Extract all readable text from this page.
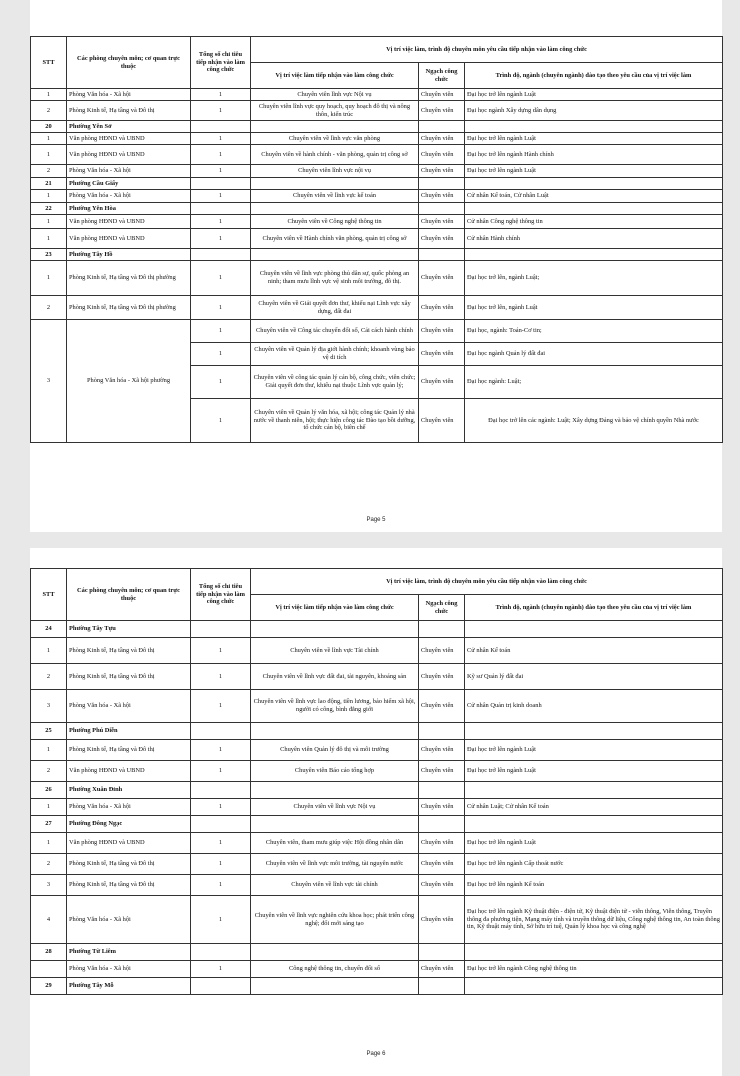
STT	Các phòng chuyên môn; cơ quan trực thuộc	Tổng số chỉ tiêu tiếp nhận vào làm công chức	Vị trí việc làm, trình độ chuyên môn yêu cầu tiếp nhận vào làm công chức		
			Vị trí việc làm tiếp nhận vào làm công chức	Ngạch công chức	Trình độ, ngành (chuyên ngành) đào tạo theo yêu cầu của vị trí việc làm
1	Phòng Văn hóa - Xã hội	1	Chuyên viên lĩnh vực Nội vụ	Chuyên viên	Đại học trở lên ngành Luật
2	Phòng Kinh tế, Hạ tầng và Đô thị	1	Chuyên viên lĩnh vực quy hoạch, quy hoạch đô thị và nông thôn, kiến trúc	Chuyên viên	Đại học ngành Xây dựng dân dụng
20	Phường Yên Sở				
1	Văn phòng HĐND và UBND	1	Chuyên viên về lĩnh vực văn phòng	Chuyên viên	Đại học trở lên ngành Luật
1	Văn phòng HĐND và UBND	1	Chuyên viên về hành chính - văn phòng, quản trị công sở	Chuyên viên	Đại học trở lên ngành Hành chính
2	Phòng Văn hóa - Xã hội	1	Chuyên viên lĩnh vực nội vụ	Chuyên viên	Đại học trở lên ngành Luật
21	Phường Cầu Giấy				
1	Phòng Văn hóa - Xã hội	1	Chuyên viên về lĩnh vực kế toán	Chuyên viên	Cử nhân Kế toán, Cử nhân Luật
22	Phường Yên Hòa				
1	Văn phòng HĐND và UBND	1	Chuyên viên về Công nghệ thông tin	Chuyên viên	Cử nhân Công nghệ thông tin
1	Văn phòng HĐND và UBND	1	Chuyên viên về Hành chính văn phòng, quản trị công sở	Chuyên viên	Cử nhân Hành chính
23	Phường Tây Hồ				
1	Phòng Kinh tế, Hạ tầng và Đô thị phường	1	Chuyên viên về lĩnh vực phòng thủ dân sự, quốc phòng an ninh; tham mưu lĩnh vực vệ sinh môi trường, đô thị.	Chuyên viên	Đại học trở lên, ngành Luật;
2	Phòng Kinh tế, Hạ tầng và Đô thị phường	1	Chuyên viên về Giải quyết đơn thư, khiếu nại Lĩnh vực xây dựng, đất đai	Chuyên viên	Đại học trở lên, ngành Luật
3	Phòng Văn hóa - Xã hội phường	1	Chuyên viên về Công tác chuyển đổi số, Cải cách hành chính	Chuyên viên	Đại học, ngành: Toán-Cơ tin;
		1	Chuyên viên về Quản lý địa giới hành chính; khoanh vùng bảo vệ di tích	Chuyên viên	Đại học ngành Quản lý đất đai
		1	Chuyên viên về công tác quản lý cán bộ, công chức, viên chức; Giải quyết đơn thư, khiếu nại thuộc Lĩnh vực quản lý;	Chuyên viên	Đại học ngành: Luật;
		1	Chuyên viên về Quản lý văn hóa, xã hội; công tác Quản lý nhà nước về thanh niên, hội; thực hiện công tác Đào tạo bồi dưỡng, tổ chức cán bộ, biên chế	Chuyên viên	Đại học trở lên các ngành: Luật; Xây dựng Đảng và bảo vệ chính quyền Nhà nước
Page 5
STT	Các phòng chuyên môn; cơ quan trực thuộc	Tổng số chỉ tiêu tiếp nhận vào làm công chức	Vị trí việc làm, trình độ chuyên môn yêu cầu tiếp nhận vào làm công chức		
			Vị trí việc làm tiếp nhận vào làm công chức	Ngạch công chức	Trình độ, ngành (chuyên ngành) đào tạo theo yêu cầu của vị trí việc làm
24	Phường Tây Tựu				
1	Phòng Kinh tế, Hạ tầng và Đô thị	1	Chuyên viên về lĩnh vực Tài chính	Chuyên viên	Cử nhân Kế toán
2	Phòng Kinh tế, Hạ tầng và Đô thị	1	Chuyên viên về lĩnh vực đất đai, tài nguyên, khoáng sản	Chuyên viên	Kỹ sư Quản lý đất đai
3	Phòng Văn hóa - Xã hội	1	Chuyên viên về lĩnh vực lao động, tiền lương, bảo hiểm xã hội, người có công, bình đẳng giới	Chuyên viên	Cử nhân Quản trị kinh doanh
25	Phường Phú Diễn				
1	Phòng Kinh tế, Hạ tầng và Đô thị	1	Chuyên viên Quản lý đô thị và môi trường	Chuyên viên	Đại học trở lên ngành Luật
2	Văn phòng HĐND và UBND	1	Chuyên viên Báo cáo tổng hợp	Chuyên viên	Đại học trở lên ngành Luật
26	Phường Xuân Đỉnh				
1	Phòng Văn hóa - Xã hội	1	Chuyên viên về lĩnh vực Nội vụ	Chuyên viên	Cử nhân Luật; Cử nhân Kế toán
27	Phường Đông Ngạc				
1	Văn phòng HĐND và UBND	1	Chuyên viên, tham mưu giúp việc Hội đồng nhân dân	Chuyên viên	Đại học trở lên ngành Luật
2	Phòng Kinh tế, Hạ tầng và Đô thị	1	Chuyên viên về lĩnh vực môi trường, tài nguyên nước	Chuyên viên	Đại học trở lên ngành Cấp thoát nước
3	Phòng Kinh tế, Hạ tầng và Đô thị	1	Chuyên viên về lĩnh vực tài chính	Chuyên viên	Đại học trở lên ngành Kế toán
4	Phòng Văn hóa - Xã hội	1	Chuyên viên về lĩnh vực nghiên cứu khoa học; phát triển công nghệ; đổi mới sáng tạo	Chuyên viên	Đại học trở lên ngành Kỹ thuật điện - điện tử, Kỹ thuật điện tử - viễn thông, Viễn thông, Truyền thông đa phương tiện, Mạng máy tính và truyền thông dữ liệu, Công nghệ thông tin, An toàn thông tin, Kỹ thuật máy tính, Sở hữu trí tuệ, Quản lý khoa học và công nghệ
28	Phường Từ Liêm				
	Phòng Văn hóa - Xã hội	1	Công nghệ thông tin, chuyển đổi số	Chuyên viên	Đại học trở lên ngành Công nghệ thông tin
29	Phường Tây Mỗ				
Page 6
